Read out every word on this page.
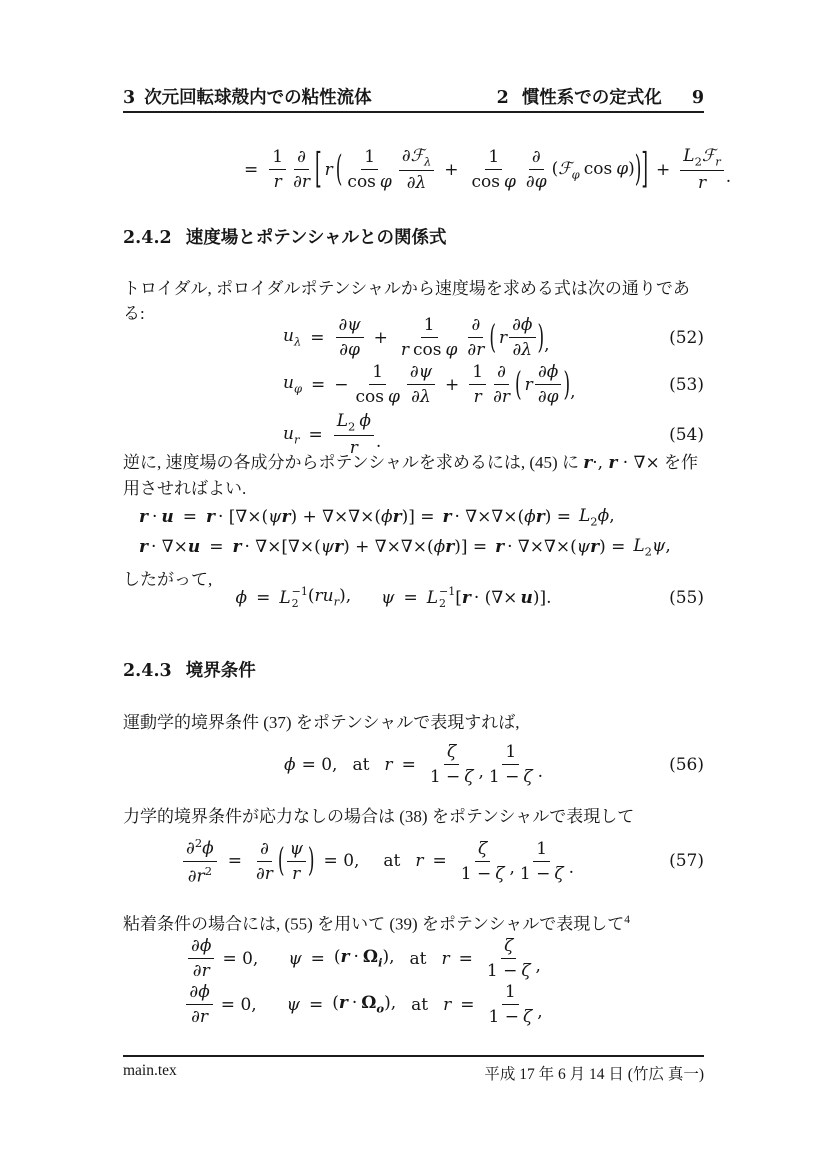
3 次元回転球殻内での粘性流体	2 慣性系での定式化 9
= $\frac{1}{r} \frac{\partial}{\partial r}$ [ r ( $\frac{1}{\text{cos φ}} \frac{\partial ℱ_\lambda}{\partial\lambda} + \frac{1}{\text{cos φ}} \frac{\partial}{\partial\varphi}$ (ℱ$_\varphi$ cos φ) ) ] + $\frac{L_2ℱ_r}{r}$ .
2.4.2 速度場とポテンシャルとの関係式
トロイダル, ポロイダルポテンシャルから速度場を求める式は次の通りである:
$u_\lambda = \frac{\partial\psi}{\partial\varphi} + \frac{1}{\text{r cos φ}} \frac{\partial}{\partial r}$ ( r $\frac{\partial\phi}{\partial\lambda}$ ) ,	(52)
$u_\varphi$ = − $\frac{1}{\text{cos φ}} \frac{\partial\psi}{\partial\lambda} + \frac{1}{r} \frac{\partial}{\partial r}$ ( r $\frac{\partial\phi}{\partial\varphi}$ ) ,	(53)
$u_r = \frac{L_2 \phi}{r}$ .	(54)
逆に, 速度場の各成分からポテンシャルを求めるには, (45) に r·, r · ∇× を作用させればよい.
$r \cdot u = r \cdot [\nabla\times(\psi r) + \nabla\times\nabla\times(\phi r)] = r \cdot \nabla\times\nabla\times(\phi r) = L_2\phi$,
$r \cdot \nabla\times u = r \cdot \nabla\times[\nabla\times(\psi r) + \nabla\times\nabla\times(\phi r)] = r \cdot \nabla\times\nabla\times(\psi r) = L_2\psi$,
したがって,
ϕ = L −1
2 $(ru_r)$, ψ = L −1
2 [r · (∇× u)].	(55)
2.4.3 境界条件
運動学的境界条件 (37) をポテンシャルで表現すれば,
ϕ = 0, at $r = \frac{\zeta}{1 - \zeta}$ , $\frac{1}{1 - \zeta}$ .	(56)
力学的境界条件が応力なしの場合は (38) をポテンシャルで表現して
$\frac{\partial^2\phi}{\partial r^2} = \frac{\partial}{\partial r}$ ( $\frac{\psi}{r}$ ) = 0, at $r = \frac{\zeta}{1 - \zeta}$ , $\frac{1}{1 - \zeta}$ .	(57)
粘着条件の場合には, (55) を用いて (39) をポテンシャルで表現して$^4$
$\frac{\partial\phi}{\partial r} = 0$, $\psi = (r \cdot \Omega_i)$, at $r = \frac{\zeta}{1 - \zeta}$ ,
$\frac{\partial\phi}{\partial r} = 0$, $\psi = (r \cdot \Omega_o)$, at $r = \frac{1}{1 - \zeta}$ ,
main.tex	平成 17 年 6 月 14 日 (竹広 真一)
